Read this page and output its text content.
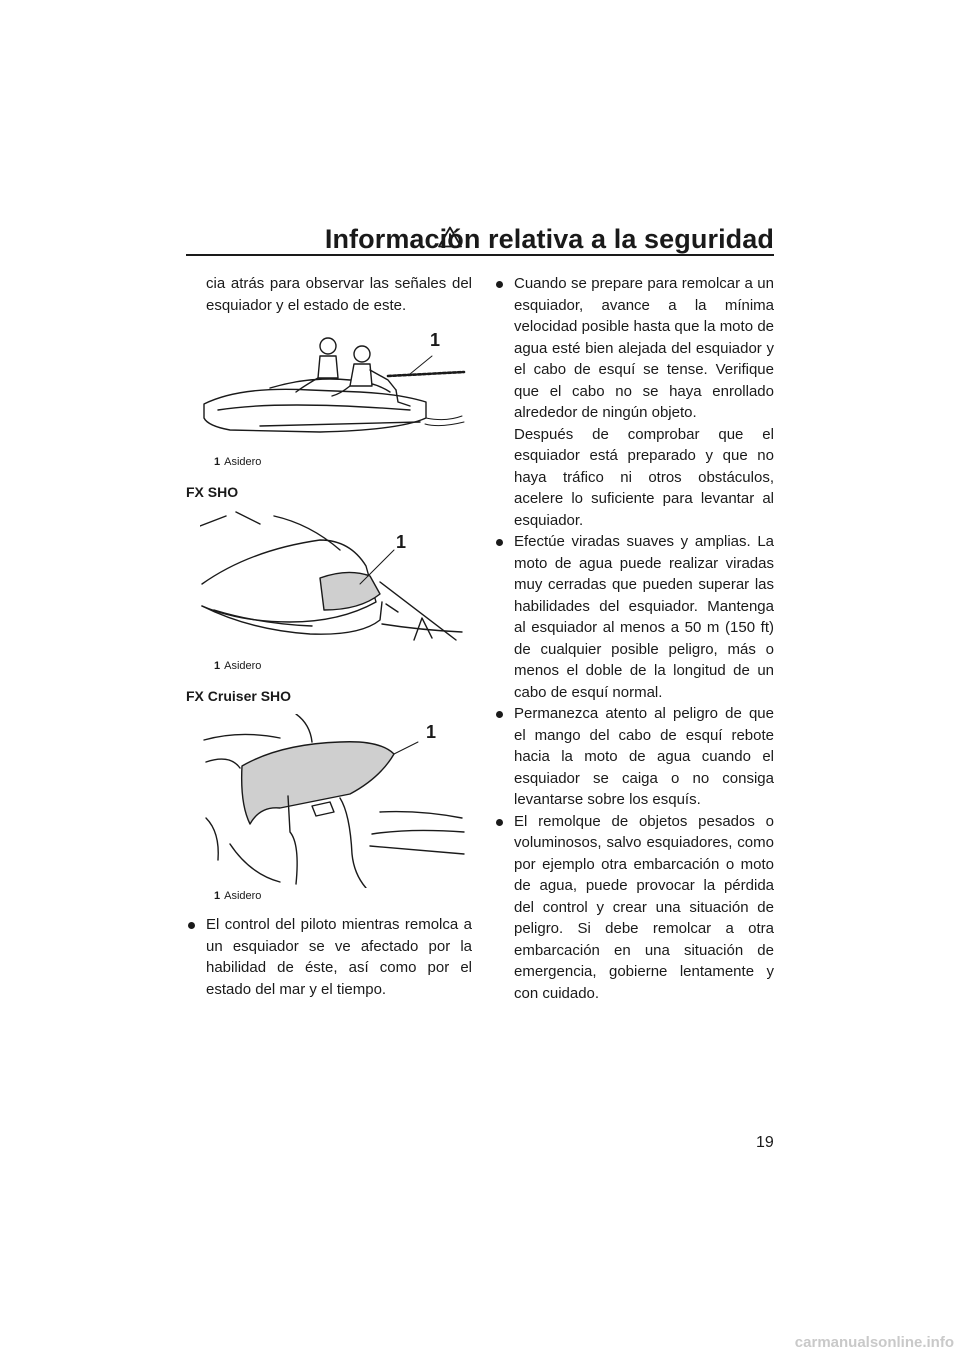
Información relativa a la seguridad

cia atrás para observar las señales del esquiador y el estado de este.

1
1 Asidero
FX SHO
1
1 Asidero
FX Cruiser SHO
1
1 Asidero

El control del piloto mientras remolca a un esquiador se ve afectado por la habilidad de éste, así como por el estado del mar y el tiempo.

Cuando se prepare para remolcar a un esquiador, avance a la mínima velocidad posible hasta que la moto de agua esté bien alejada del esquiador y el cabo de esquí se tense. Verifique que el cabo no se haya enrollado alrededor de ningún objeto.

Después de comprobar que el esquiador está preparado y que no haya tráfico ni otros obstáculos, acelere lo suficiente para levantar al esquiador.

Efectúe viradas suaves y amplias. La moto de agua puede realizar viradas muy cerradas que pueden superar las habilidades del esquiador. Mantenga al esquiador al menos a 50 m (150 ft) de cualquier posible peligro, más o menos el doble de la longitud de un cabo de esquí normal.

Permanezca atento al peligro de que el mango del cabo de esquí rebote hacia la moto de agua cuando el esquiador se caiga o no consiga levantarse sobre los esquís.

El remolque de objetos pesados o voluminosos, salvo esquiadores, como por ejemplo otra embarcación o moto de agua, puede provocar la pérdida del control y crear una situación de peligro. Si debe remolcar a otra embarcación en una situación de emergencia, gobierne lentamente y con cuidado.

19
carmanualsonline.info
